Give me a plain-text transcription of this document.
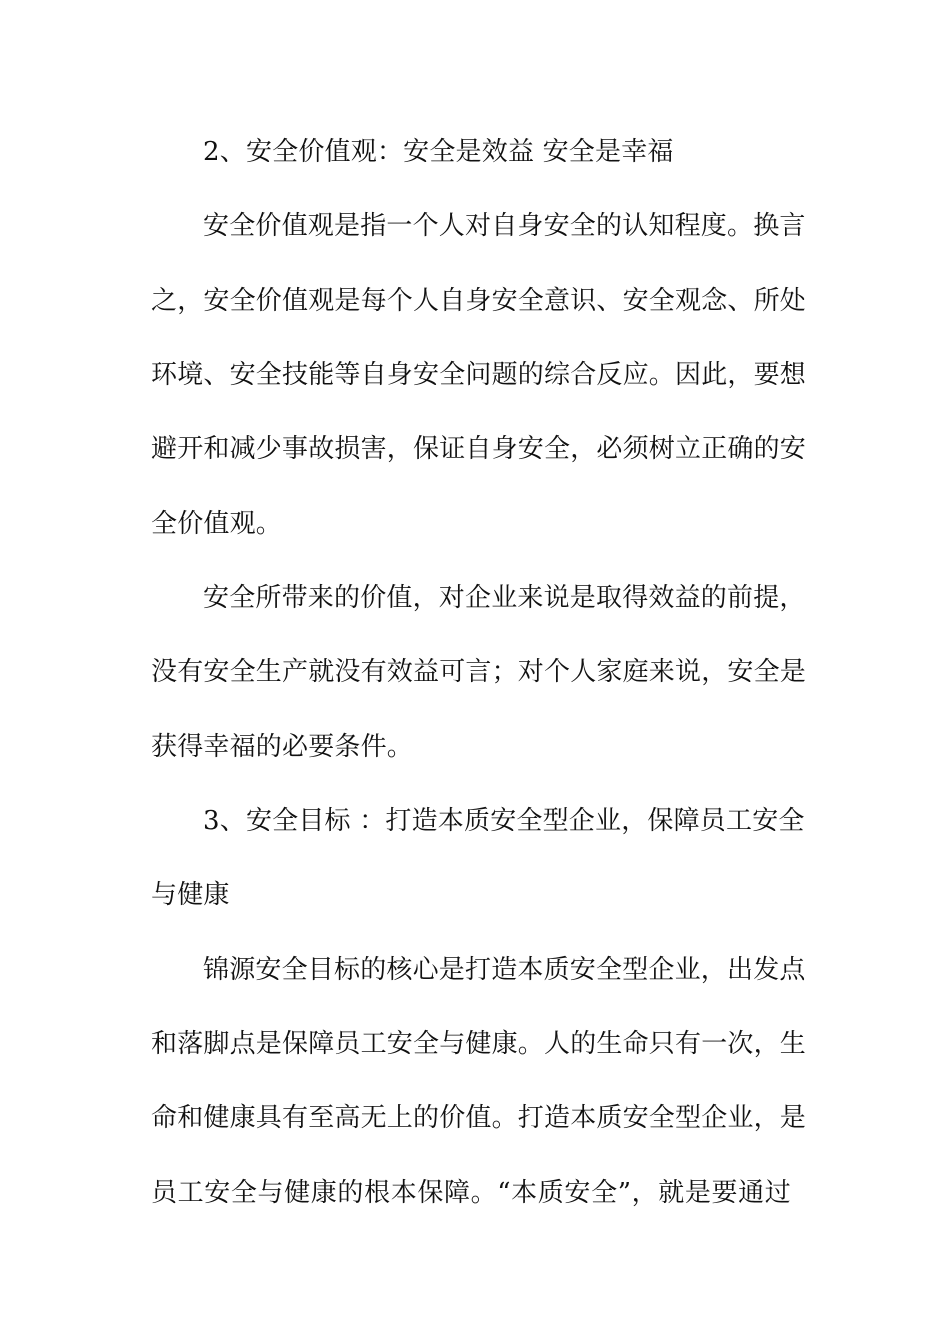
2、安全价值观：安全是效益 安全是幸福
安全价值观是指一个人对自身安全的认知程度。换言
之，安全价值观是每个人自身安全意识、安全观念、所处
环境、安全技能等自身安全问题的综合反应。因此，要想
避开和减少事故损害，保证自身安全，必须树立正确的安
全价值观。
安全所带来的价值，对企业来说是取得效益的前提，
没有安全生产就没有效益可言；对个人家庭来说，安全是
获得幸福的必要条件。
3、安全目标 ：打造本质安全型企业，保障员工安全
与健康
锦源安全目标的核心是打造本质安全型企业，出发点
和落脚点是保障员工安全与健康。人的生命只有一次，生
命和健康具有至高无上的价值。打造本质安全型企业，是
员工安全与健康的根本保障。“本质安全”，就是要通过
